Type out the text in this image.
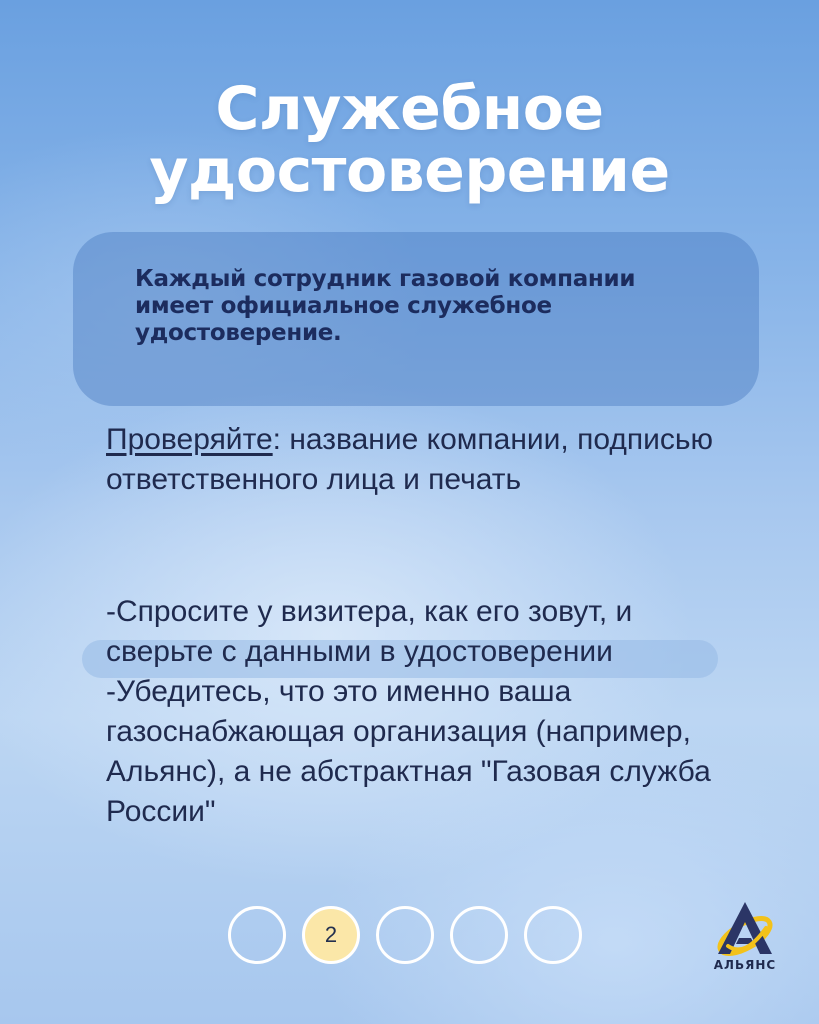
Служебное
удостоверение

Каждый сотрудник газовой компании имеет официальное служебное удостоверение.

Проверяйте: название компании, подписью ответственного лица и печать

-Спросите у визитера, как его зовут, и
сверьте с данными в удостоверении
-Убедитесь, что это именно ваша газоснабжающая организация (например, Альянс), а не абстрактная "Газовая служба России"
2
АЛЬЯНС
